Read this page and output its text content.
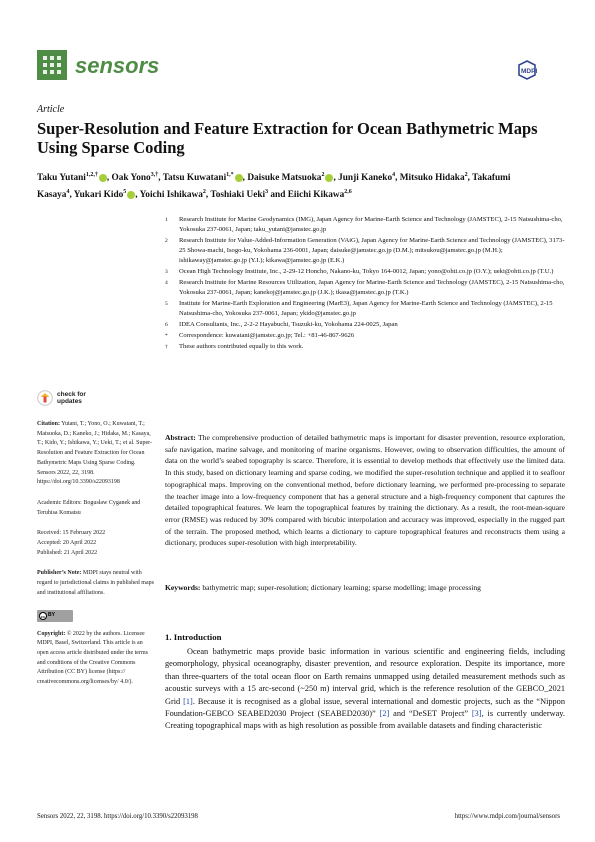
sensors	MDPI
Article
Super-Resolution and Feature Extraction for Ocean Bathymetric Maps Using Sparse Coding
Taku Yutani$^{1,2,\dagger}$ , Oak Yono$^{3,\dagger}$, Tatsu Kuwatani$^{1,*}$ , Daisuke Matsuoka$^2$ , Junji Kaneko$^4$, Mitsuko Hidaka$^2$, Takafumi Kasaya$^4$, Yukari Kido$^5$ , Yoichi Ishikawa$^2$, Toshiaki Ueki$^3$ and Eiichi Kikawa$^{2,6}$
1	Research Institute for Marine Geodynamics (IMG), Japan Agency for Marine-Earth Science and Technology (JAMSTEC), 2-15 Natsushima-cho, Yokosuka 237-0061, Japan; taku_yutani@jamstec.go.jp
2	Research Institute for Value-Added-Information Generation (VAiG), Japan Agency for Marine-Earth Science and Technology (JAMSTEC), 3173-25 Showa-machi, Isogo-ku, Yokohama 236-0001, Japan; daisuke@jamstec.go.jp (D.M.); mitsukou@jamstec.go.jp (M.H.); ishikaway@jamstec.go.jp (Y.I.); kikawa@jamstec.go.jp (E.K.)
3	Ocean High Technology Institute, Inc., 2-29-12 Honcho, Nakano-ku, Tokyo 164-0012, Japan; yono@ohti.co.jp (O.Y.); ueki@ohti.co.jp (T.U.)
4	Research Institute for Marine Resources Utilization, Japan Agency for Marine-Earth Science and Technology (JAMSTEC), 2-15 Natsushima-cho, Yokosuka 237-0061, Japan; kanekoj@jamstec.go.jp (J.K.); tkasa@jamstec.go.jp (T.K.)
5	Institute for Marine-Earth Exploration and Engineering (MarE3), Japan Agency for Marine-Earth Science and Technology (JAMSTEC), 2-15 Natsushima-cho, Yokosuka 237-0061, Japan; ykido@jamstec.go.jp
6	IDEA Consultants, Inc., 2-2-2 Hayabuchi, Tsuzuki-ku, Yokohama 224-0025, Japan
*	Correspondence: kuwatani@jamstec.go.jp; Tel.: +81-46-867-9626
†	These authors contributed equally to this work.
check for
updates
Citation: Yutani, T.; Yono, O.; Kuwatani, T.; Matsuoka, D.; Kaneko, J.; Hidaka, M.; Kasaya, T.; Kido, Y.; Ishikawa, Y.; Ueki, T.; et al. Super-Resolution and Feature Extraction for Ocean Bathymetric Maps Using Sparse Coding. Sensors 2022, 22, 3198. https://doi.org/10.3390/s22093198
Academic Editors: Bogusław Cyganek and Teruhisa Komatsu
Received: 15 February 2022
Accepted: 20 April 2022
Published: 21 April 2022
Publisher’s Note: MDPI stays neutral with regard to jurisdictional claims in published maps and institutional affiliations.
cc BY
Copyright: © 2022 by the authors. Licensee MDPI, Basel, Switzerland. This article is an open access article distributed under the terms and conditions of the Creative Commons Attribution (CC BY) license (https:// creativecommons.org/licenses/by/ 4.0/).
Abstract: The comprehensive production of detailed bathymetric maps is important for disaster prevention, resource exploration, safe navigation, marine salvage, and monitoring of marine organisms. However, owing to observation difficulties, the amount of data on the world’s seabed topography is scarce. Therefore, it is essential to develop methods that effectively use the limited data. In this study, based on dictionary learning and sparse coding, we modified the super-resolution technique and applied it to seafloor topographical maps. Improving on the conventional method, before dictionary learning, we performed pre-processing to separate the teacher image into a low-frequency component that has a general structure and a high-frequency component that captures the detailed topographical features. We learn the topographical features by training the dictionary. As a result, the root-mean-square error (RMSE) was reduced by 30% compared with bicubic interpolation and accuracy was improved, especially in the rugged part of the terrain. The proposed method, which learns a dictionary to capture topographical features and reconstructs them using a dictionary, produces super-resolution with high interpretability.
Keywords: bathymetric map; super-resolution; dictionary learning; sparse modelling; image processing
1. Introduction
Ocean bathymetric maps provide basic information in various scientific and engineering fields, including geomorphology, physical oceanography, disaster prevention, and resource exploration. Despite its importance, more than three-quarters of the total ocean floor on Earth remains unmapped using detailed measurement methods such as acoustic surveys with a 15 arc-second (~250 m) interval grid, which is the reference resolution of the GEBCO_2021 Grid [1]. Because it is recognised as a global issue, several international and domestic projects, such as the “Nippon Foundation-GEBCO SEABED2030 Project (SEABED2030)” [2] and “DeSET Project” [3], is currently underway. Creating topographical maps with as high resolution as possible from available datasets and finding characteristic
Sensors 2022, 22, 3198. https://doi.org/10.3390/s22093198	https://www.mdpi.com/journal/sensors
